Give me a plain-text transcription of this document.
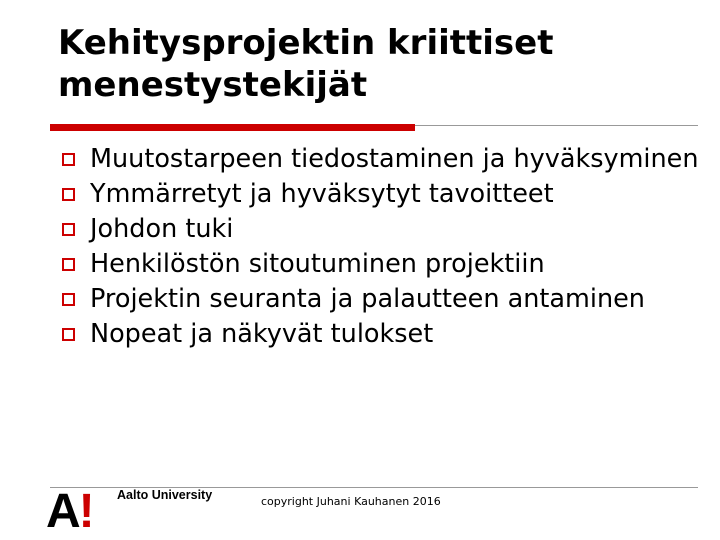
Kehitysprojektin kriittiset
menestystekijät
Muutostarpeen tiedostaminen ja hyväksyminen
Ymmärretyt ja hyväksytyt tavoitteet
Johdon tuki
Henkilöstön sitoutuminen projektiin
Projektin seuranta ja palautteen antaminen
Nopeat ja näkyvät tulokset
A! Aalto University	copyright Juhani Kauhanen 2016
